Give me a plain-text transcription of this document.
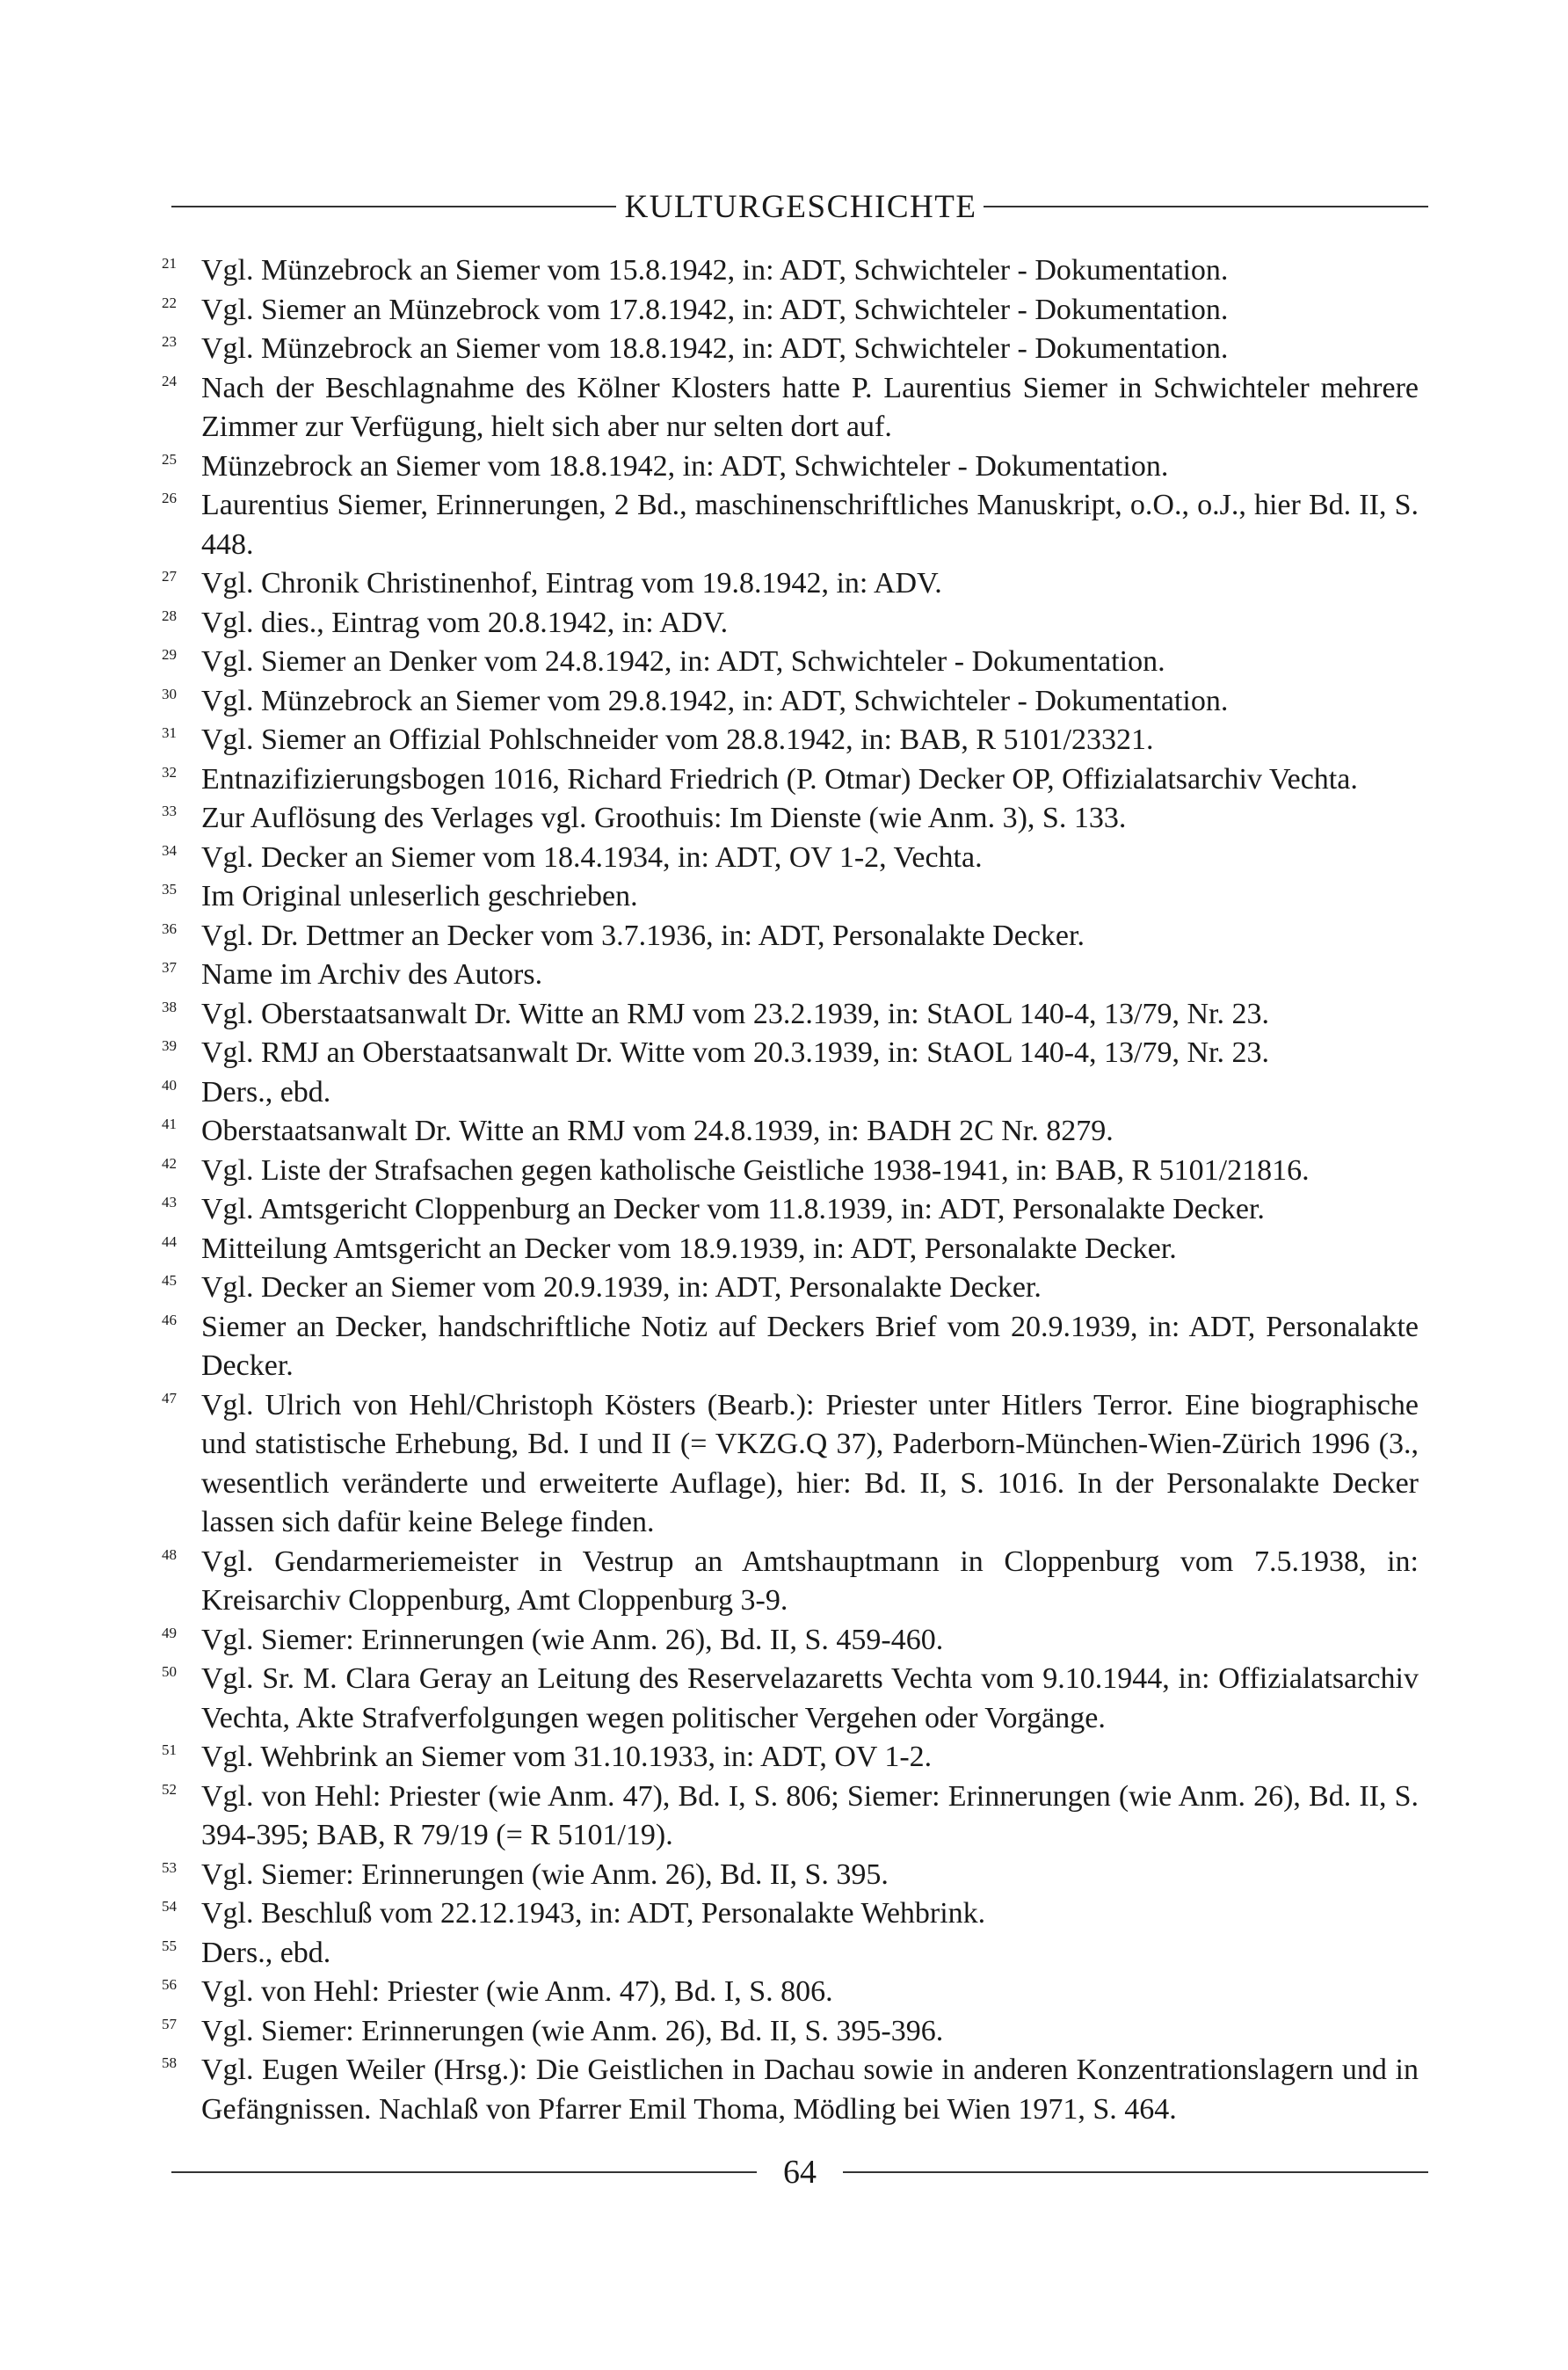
KULTURGESCHICHTE
21 Vgl. Münzebrock an Siemer vom 15.8.1942, in: ADT, Schwichteler - Dokumentation.
22 Vgl. Siemer an Münzebrock vom 17.8.1942, in: ADT, Schwichteler - Dokumentation.
23 Vgl. Münzebrock an Siemer vom 18.8.1942, in: ADT, Schwichteler - Dokumentation.
24 Nach der Beschlagnahme des Kölner Klosters hatte P. Laurentius Siemer in Schwichteler mehrere Zimmer zur Verfügung, hielt sich aber nur selten dort auf.
25 Münzebrock an Siemer vom 18.8.1942, in: ADT, Schwichteler - Dokumentation.
26 Laurentius Siemer, Erinnerungen, 2 Bd., maschinenschriftliches Manuskript, o.O., o.J., hier Bd. II, S. 448.
27 Vgl. Chronik Christinenhof, Eintrag vom 19.8.1942, in: ADV.
28 Vgl. dies., Eintrag vom 20.8.1942, in: ADV.
29 Vgl. Siemer an Denker vom 24.8.1942, in: ADT, Schwichteler - Dokumentation.
30 Vgl. Münzebrock an Siemer vom 29.8.1942, in: ADT, Schwichteler - Dokumentation.
31 Vgl. Siemer an Offizial Pohlschneider vom 28.8.1942, in: BAB, R 5101/23321.
32 Entnazifizierungsbogen 1016, Richard Friedrich (P. Otmar) Decker OP, Offizialatsarchiv Vechta.
33 Zur Auflösung des Verlages vgl. Groothuis: Im Dienste (wie Anm. 3), S. 133.
34 Vgl. Decker an Siemer vom 18.4.1934, in: ADT, OV 1-2, Vechta.
35 Im Original unleserlich geschrieben.
36 Vgl. Dr. Dettmer an Decker vom 3.7.1936, in: ADT, Personalakte Decker.
37 Name im Archiv des Autors.
38 Vgl. Oberstaatsanwalt Dr. Witte an RMJ vom 23.2.1939, in: StAOL 140-4, 13/79, Nr. 23.
39 Vgl. RMJ an Oberstaatsanwalt Dr. Witte vom 20.3.1939, in: StAOL 140-4, 13/79, Nr. 23.
40 Ders., ebd.
41 Oberstaatsanwalt Dr. Witte an RMJ vom 24.8.1939, in: BADH 2C Nr. 8279.
42 Vgl. Liste der Strafsachen gegen katholische Geistliche 1938-1941, in: BAB, R 5101/21816.
43 Vgl. Amtsgericht Cloppenburg an Decker vom 11.8.1939, in: ADT, Personalakte Decker.
44 Mitteilung Amtsgericht an Decker vom 18.9.1939, in: ADT, Personalakte Decker.
45 Vgl. Decker an Siemer vom 20.9.1939, in: ADT, Personalakte Decker.
46 Siemer an Decker, handschriftliche Notiz auf Deckers Brief vom 20.9.1939, in: ADT, Personalakte Decker.
47 Vgl. Ulrich von Hehl/Christoph Kösters (Bearb.): Priester unter Hitlers Terror. Eine biographische und statistische Erhebung, Bd. I und II (= VKZG.Q 37), Paderborn-München-Wien-Zürich 1996 (3., wesentlich veränderte und erweiterte Auflage), hier: Bd. II, S. 1016. In der Personalakte Decker lassen sich dafür keine Belege finden.
48 Vgl. Gendarmeriemeister in Vestrup an Amtshauptmann in Cloppenburg vom 7.5.1938, in: Kreisarchiv Cloppenburg, Amt Cloppenburg 3-9.
49 Vgl. Siemer: Erinnerungen (wie Anm. 26), Bd. II, S. 459-460.
50 Vgl. Sr. M. Clara Geray an Leitung des Reservelazaretts Vechta vom 9.10.1944, in: Offizialatsarchiv Vechta, Akte Strafverfolgungen wegen politischer Vergehen oder Vorgänge.
51 Vgl. Wehbrink an Siemer vom 31.10.1933, in: ADT, OV 1-2.
52 Vgl. von Hehl: Priester (wie Anm. 47), Bd. I, S. 806; Siemer: Erinnerungen (wie Anm. 26), Bd. II, S. 394-395; BAB, R 79/19 (= R 5101/19).
53 Vgl. Siemer: Erinnerungen (wie Anm. 26), Bd. II, S. 395.
54 Vgl. Beschluß vom 22.12.1943, in: ADT, Personalakte Wehbrink.
55 Ders., ebd.
56 Vgl. von Hehl: Priester (wie Anm. 47), Bd. I, S. 806.
57 Vgl. Siemer: Erinnerungen (wie Anm. 26), Bd. II, S. 395-396.
58 Vgl. Eugen Weiler (Hrsg.): Die Geistlichen in Dachau sowie in anderen Konzentrationslagern und in Gefängnissen. Nachlaß von Pfarrer Emil Thoma, Mödling bei Wien 1971, S. 464.
64
